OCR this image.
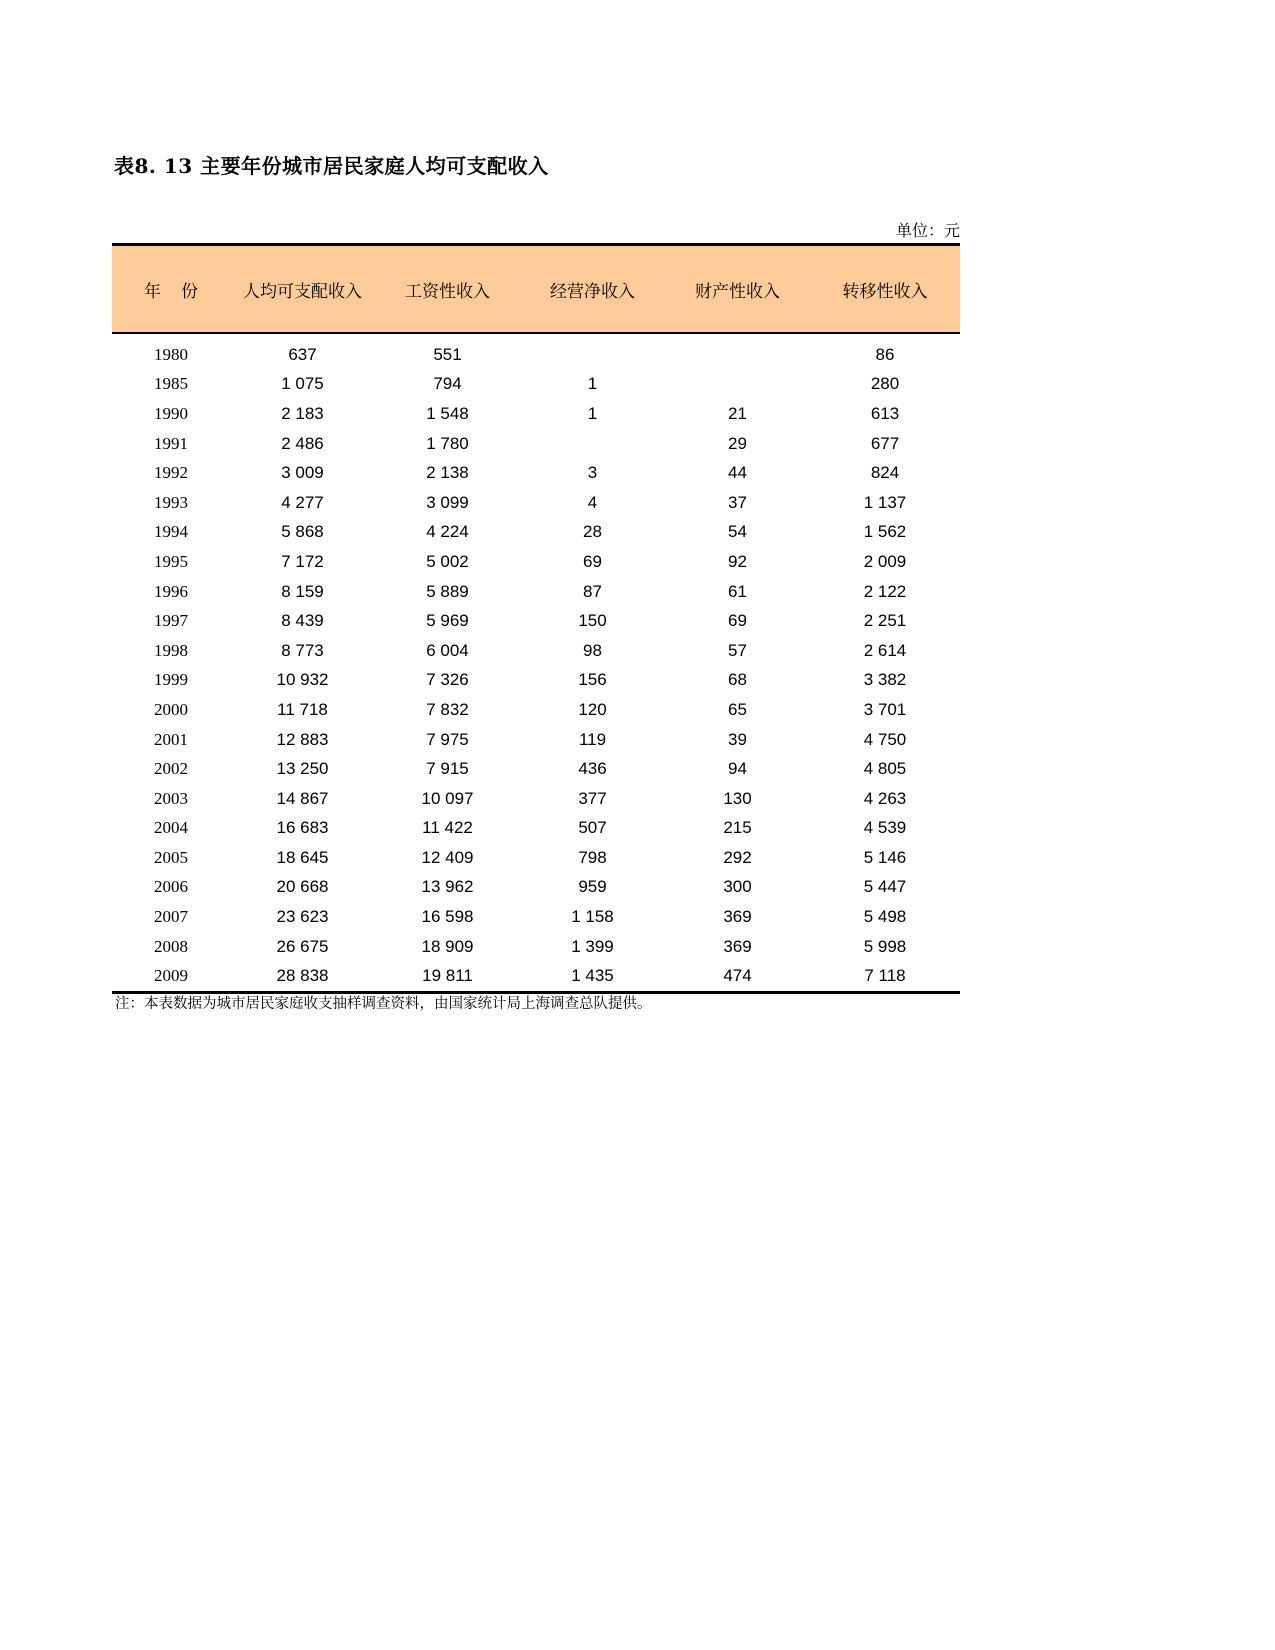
表8. 13 主要年份城市居民家庭人均可支配收入
单位：元
年 份	人均可支配收入	工资性收入	经营净收入	财产性收入	转移性收入
1980	637	551			86
1985	1 075	794	1		280
1990	2 183	1 548	1	21	613
1991	2 486	1 780		29	677
1992	3 009	2 138	3	44	824
1993	4 277	3 099	4	37	1 137
1994	5 868	4 224	28	54	1 562
1995	7 172	5 002	69	92	2 009
1996	8 159	5 889	87	61	2 122
1997	8 439	5 969	150	69	2 251
1998	8 773	6 004	98	57	2 614
1999	10 932	7 326	156	68	3 382
2000	11 718	7 832	120	65	3 701
2001	12 883	7 975	119	39	4 750
2002	13 250	7 915	436	94	4 805
2003	14 867	10 097	377	130	4 263
2004	16 683	11 422	507	215	4 539
2005	18 645	12 409	798	292	5 146
2006	20 668	13 962	959	300	5 447
2007	23 623	16 598	1 158	369	5 498
2008	26 675	18 909	1 399	369	5 998
2009	28 838	19 811	1 435	474	7 118
注：本表数据为城市居民家庭收支抽样调查资料，由国家统计局上海调查总队提供。
